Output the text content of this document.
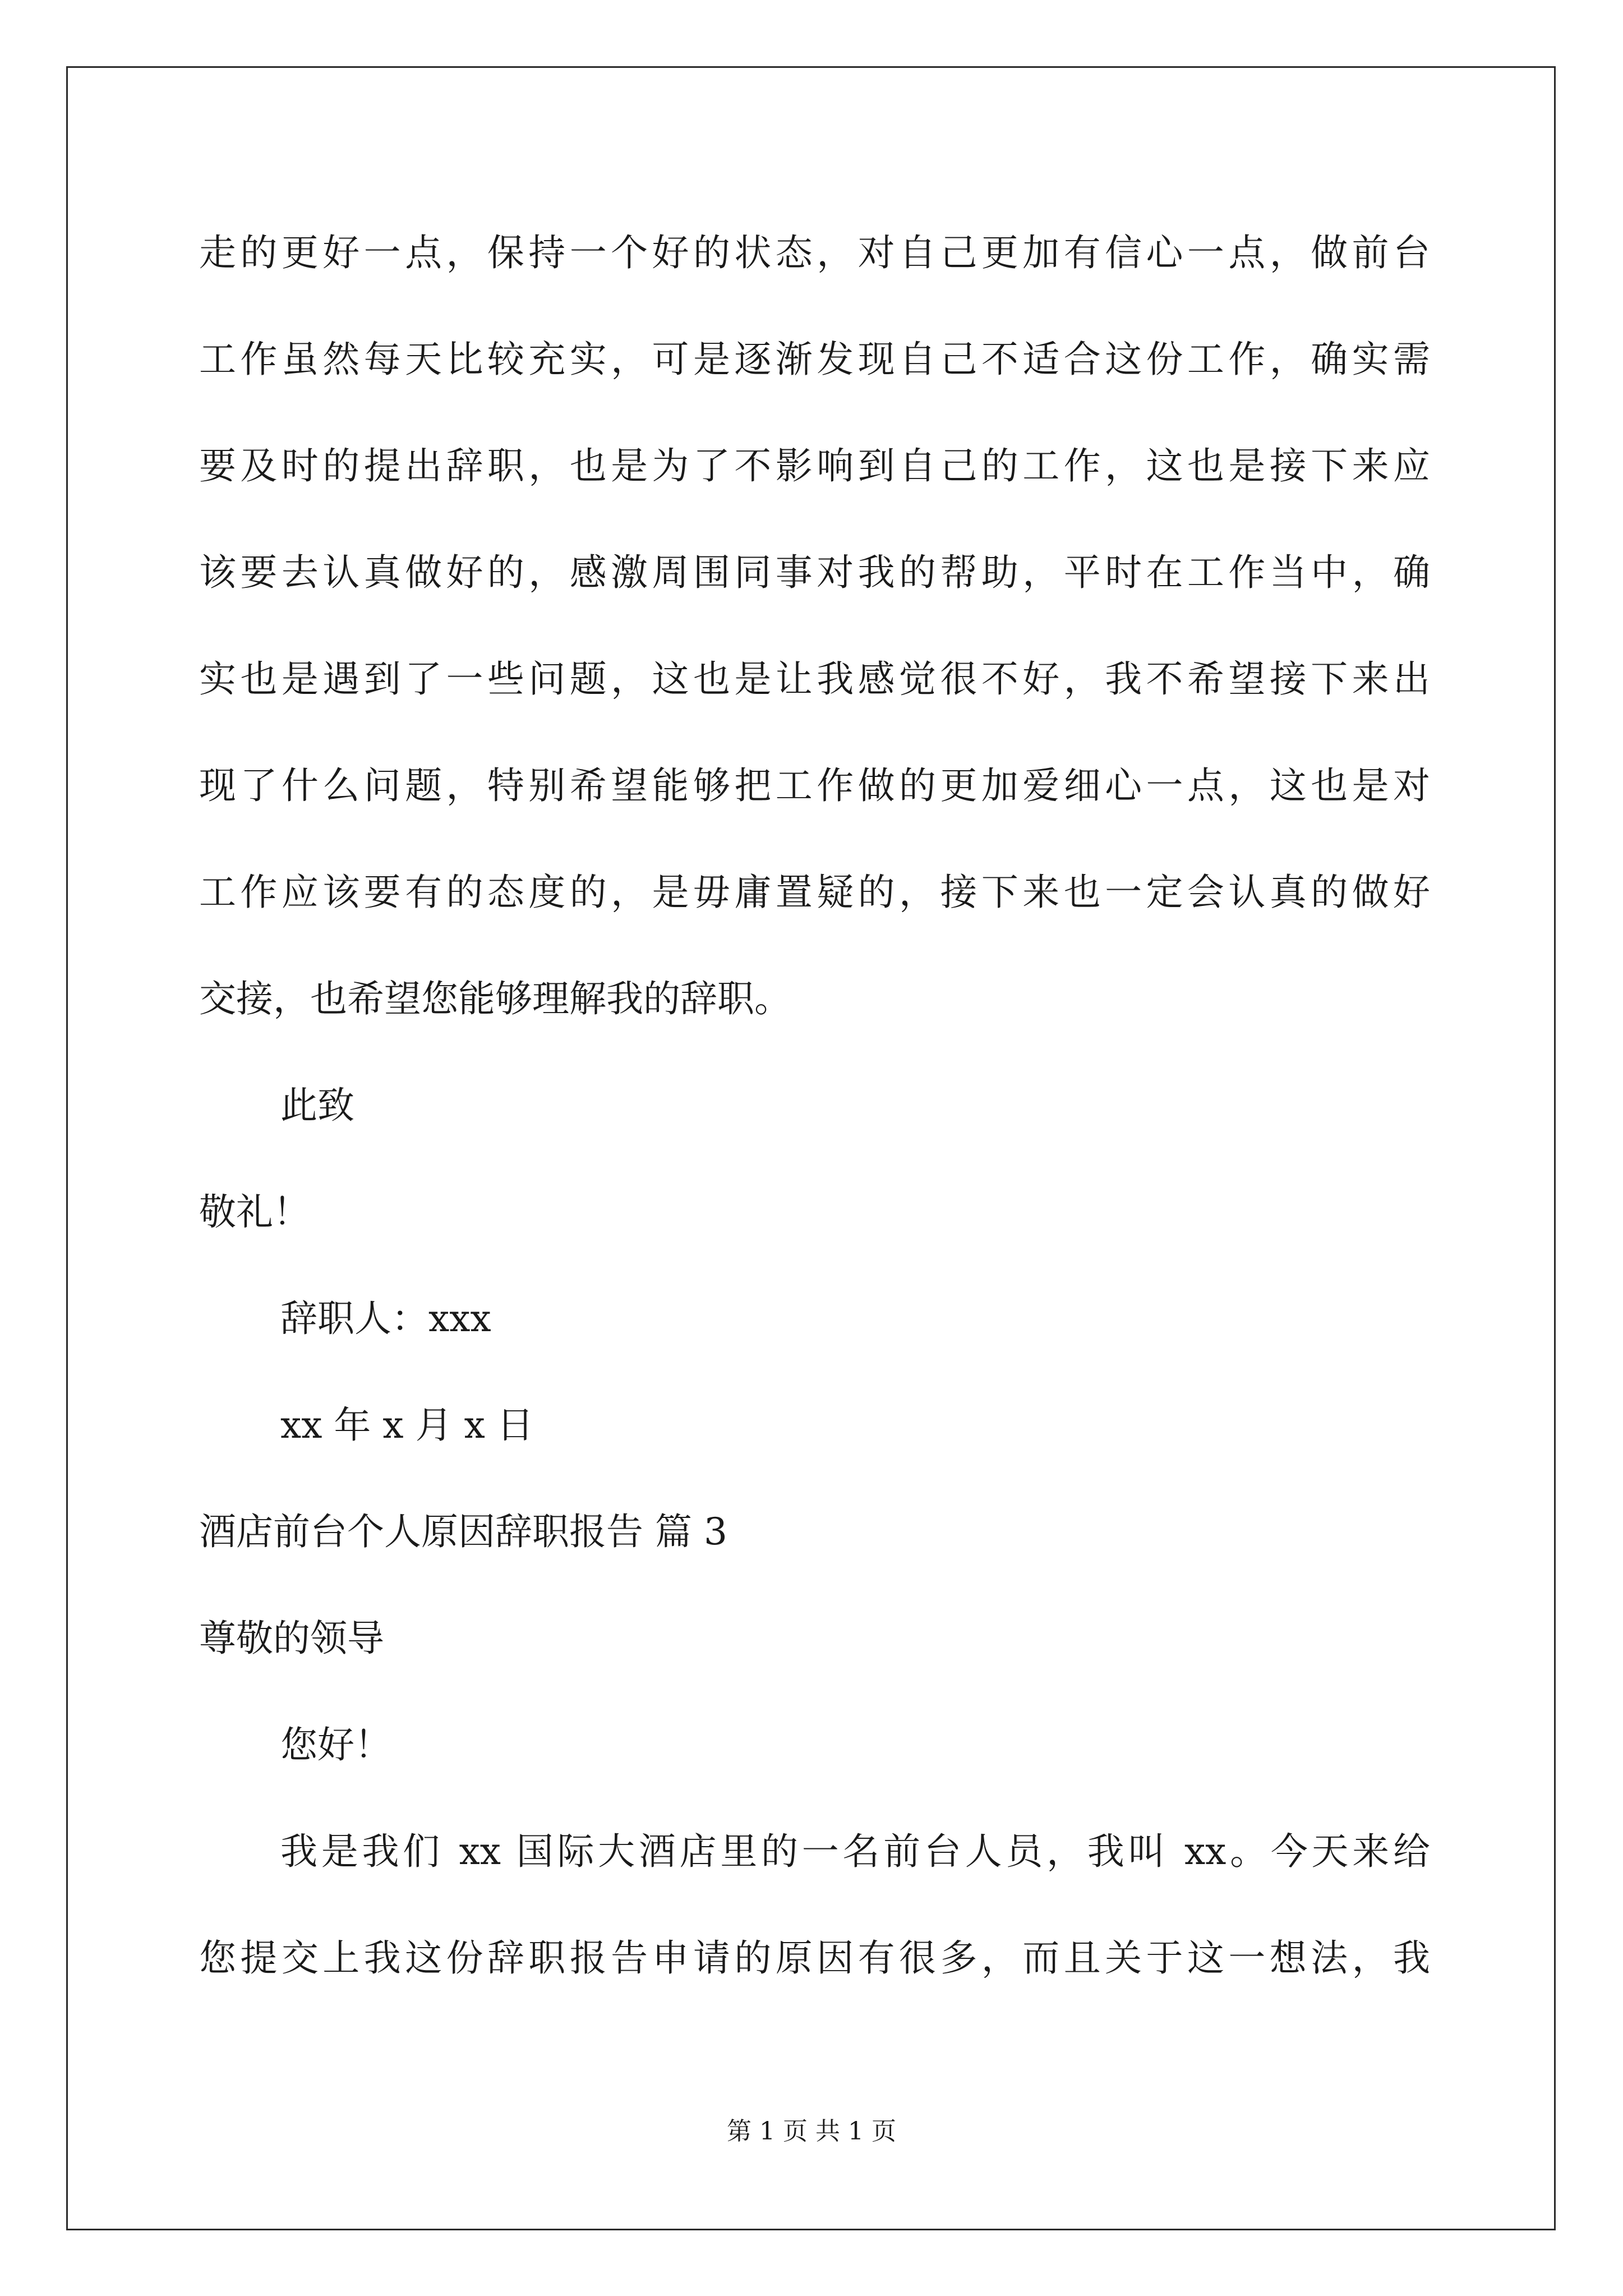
走的更好一点，保持一个好的状态，对自己更加有信心一点，做前台
工作虽然每天比较充实，可是逐渐发现自己不适合这份工作，确实需
要及时的提出辞职，也是为了不影响到自己的工作，这也是接下来应
该要去认真做好的，感激周围同事对我的帮助，平时在工作当中，确
实也是遇到了一些问题，这也是让我感觉很不好，我不希望接下来出
现了什么问题，特别希望能够把工作做的更加爱细心一点，这也是对
工作应该要有的态度的，是毋庸置疑的，接下来也一定会认真的做好
交接，也希望您能够理解我的辞职。
此致
敬礼！
辞职人：xxx
xx 年 x 月 x 日
酒店前台个人原因辞职报告 篇 3
尊敬的领导
您好！
我是我们 xx 国际大酒店里的一名前台人员，我叫 xx。今天来给
您提交上我这份辞职报告申请的原因有很多，而且关于这一想法，我
第 1 页 共 1 页
